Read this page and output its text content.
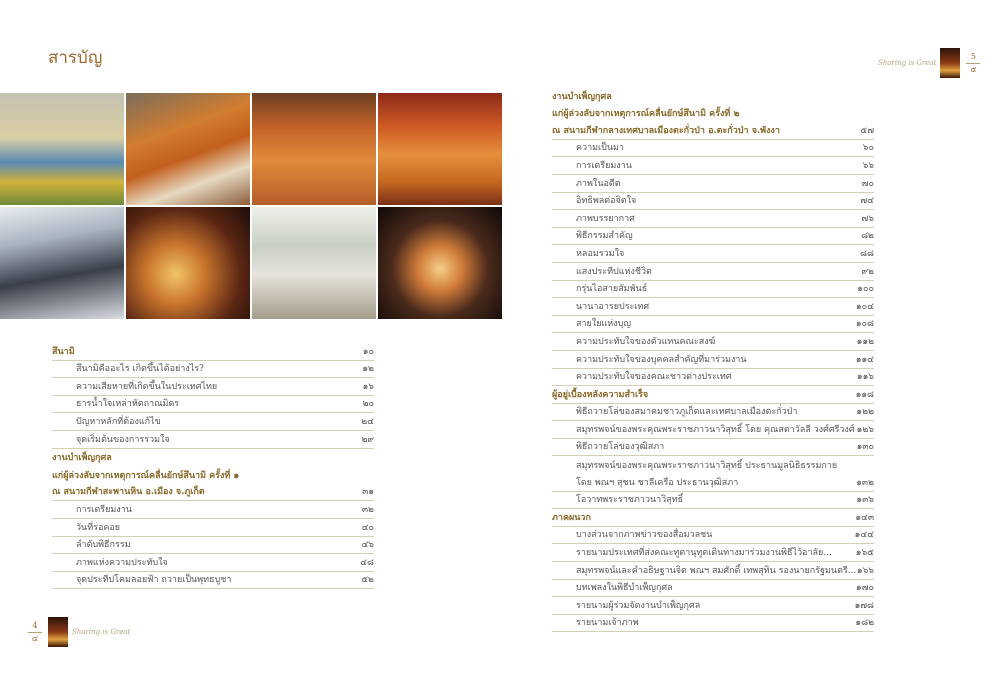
สารบัญ	Sharing is Great
5
๕
4
๔
Sharing is Great
สึนามิ	๑๐
สึนามิคืออะไร เกิดขึ้นได้อย่างไร?	๑๒
ความเสียหายที่เกิดขึ้นในประเทศไทย	๑๖
ธารน้ำใจเหล่าหัตถาณมิตร	๒๐
ปัญหาหลักที่ต้องแก้ไข	๒๔
จุดเริ่มต้นของการรวมใจ	๒๙
งานบำเพ็ญกุศล
แก่ผู้ล่วงลับจากเหตุการณ์คลื่นยักษ์สึนามิ ครั้งที่ ๑
ณ สนามกีฬาสะพานหิน อ.เมือง จ.ภูเก็ต	๓๑
การเตรียมงาน	๓๒
วันที่รอคอย	๔๐
ลำดับพิธีกรรม	๔๖
ภาพแห่งความประทับใจ	๔๘
จุดประทีปโคมลอยฟ้า ถวายเป็นพุทธบูชา	๕๒
งานบำเพ็ญกุศล
แก่ผู้ล่วงลับจากเหตุการณ์คลื่นยักษ์สึนามิ ครั้งที่ ๒
ณ สนามกีฬากลางเทศบาลเมืองตะกั่วป่า อ.ตะกั่วป่า จ.พังงา	๕๗
ความเป็นมา	๖๐
การเตรียมงาน	๖๖
ภาพในอดีต	๗๐
อิทธิพลต่อจิตใจ	๗๔
ภาพบรรยากาศ	๗๖
พิธีกรรมสำคัญ	๘๒
หลอมรวมใจ	๘๘
แสงประทีปแห่งชีวิต	๙๒
กรุ่นไอสายสัมพันธ์	๑๐๐
นานาอารยประเทศ	๑๐๔
สายใยแห่งบุญ	๑๐๘
ความประทับใจของตัวแทนคณะสงฆ์	๑๑๒
ความประทับใจของบุคคลสำคัญที่มาร่วมงาน	๑๑๔
ความประทับใจของคณะชาวต่างประเทศ	๑๑๖
ผู้อยู่เบื้องหลังความสำเร็จ	๑๑๘
พิธีถวายโล่ของสมาคมชาวภูเก็ตและเทศบาลเมืองตะกั่วป่า	๑๒๒
สมุทรพจน์ของพระคุณพระราชภาวนาวิสุทธิ์ โดย คุณสตาวัลลี วงศ์ศรีวงศ์ ๑๒๖
พิธีถวายโล่ของวุฒิสภา	๑๓๐
สมุทรพจน์ของพระคุณพระราชภาวนาวิสุทธิ์ ประธานมูลนิธิธรรมกาย
โดย พณฯ สุชน ชาลีเครือ ประธานวุฒิสภา	๑๓๒
โอวาทพระราชภาวนาวิสุทธิ์	๑๓๖
ภาคผนวก	๑๔๓
บางส่วนจากภาพข่าวของสื่อมวลชน	๑๔๔
รายนามประเทศที่ส่งคณะทูตานุทูตเดินทางมาร่วมงานพิธีไว้อาลัย...	๑๖๕
สมุทรพจน์และคำอธิษฐานจิต พณฯ สมศักดิ์ เทพสุทิน รองนายกรัฐมนตรี... ๑๖๖
บทเพลงในพิธีบำเพ็ญกุศล	๑๗๐
รายนามผู้ร่วมจัดงานบำเพ็ญกุศล	๑๗๘
รายนามเจ้าภาพ	๑๘๒
